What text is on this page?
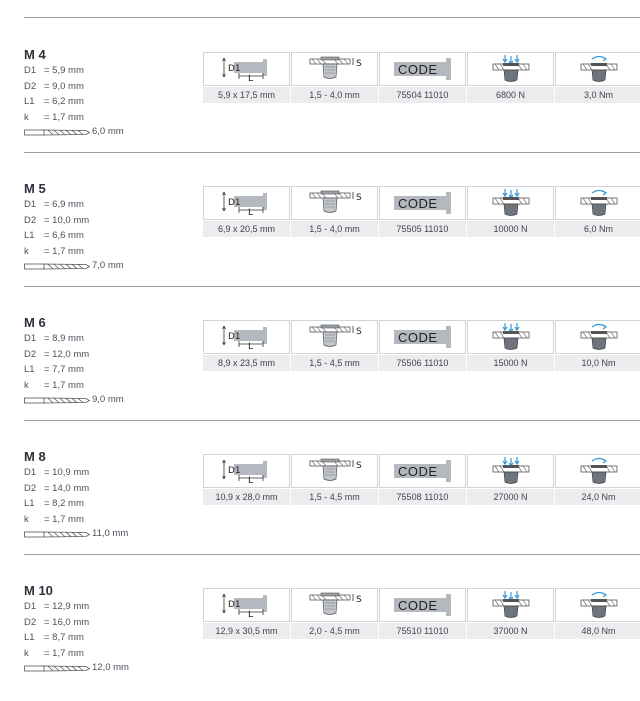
M 4
D1 = 5,9 mm
D2 = 9,0 mm
L1 = 6,2 mm
k = 1,7 mm
6,0 mm
D1
L
S	CODE
5,9 x 17,5 mm	1,5 - 4,0 mm	75504 11010	6800 N	3,0 Nm
M 5
D1 = 6,9 mm
D2 = 10,0 mm
L1 = 6,6 mm
k = 1,7 mm
7,0 mm
D1
L
S	CODE
6,9 x 20,5 mm	1,5 - 4,0 mm	75505 11010	10000 N	6,0 Nm
M 6
D1 = 8,9 mm
D2 = 12,0 mm
L1 = 7,7 mm
k = 1,7 mm
9,0 mm
D1
L
S	CODE
8,9 x 23,5 mm	1,5 - 4,5 mm	75506 11010	15000 N	10,0 Nm
M 8
D1 = 10,9 mm
D2 = 14,0 mm
L1 = 8,2 mm
k = 1,7 mm
11,0 mm
D1
L
S	CODE
10,9 x 28,0 mm	1,5 - 4,5 mm	75508 11010	27000 N	24,0 Nm
M 10
D1 = 12,9 mm
D2 = 16,0 mm
L1 = 8,7 mm
k = 1,7 mm
12,0 mm
D1
L
S	CODE
12,9 x 30,5 mm	2,0 - 4,5 mm	75510 11010	37000 N	48,0 Nm
